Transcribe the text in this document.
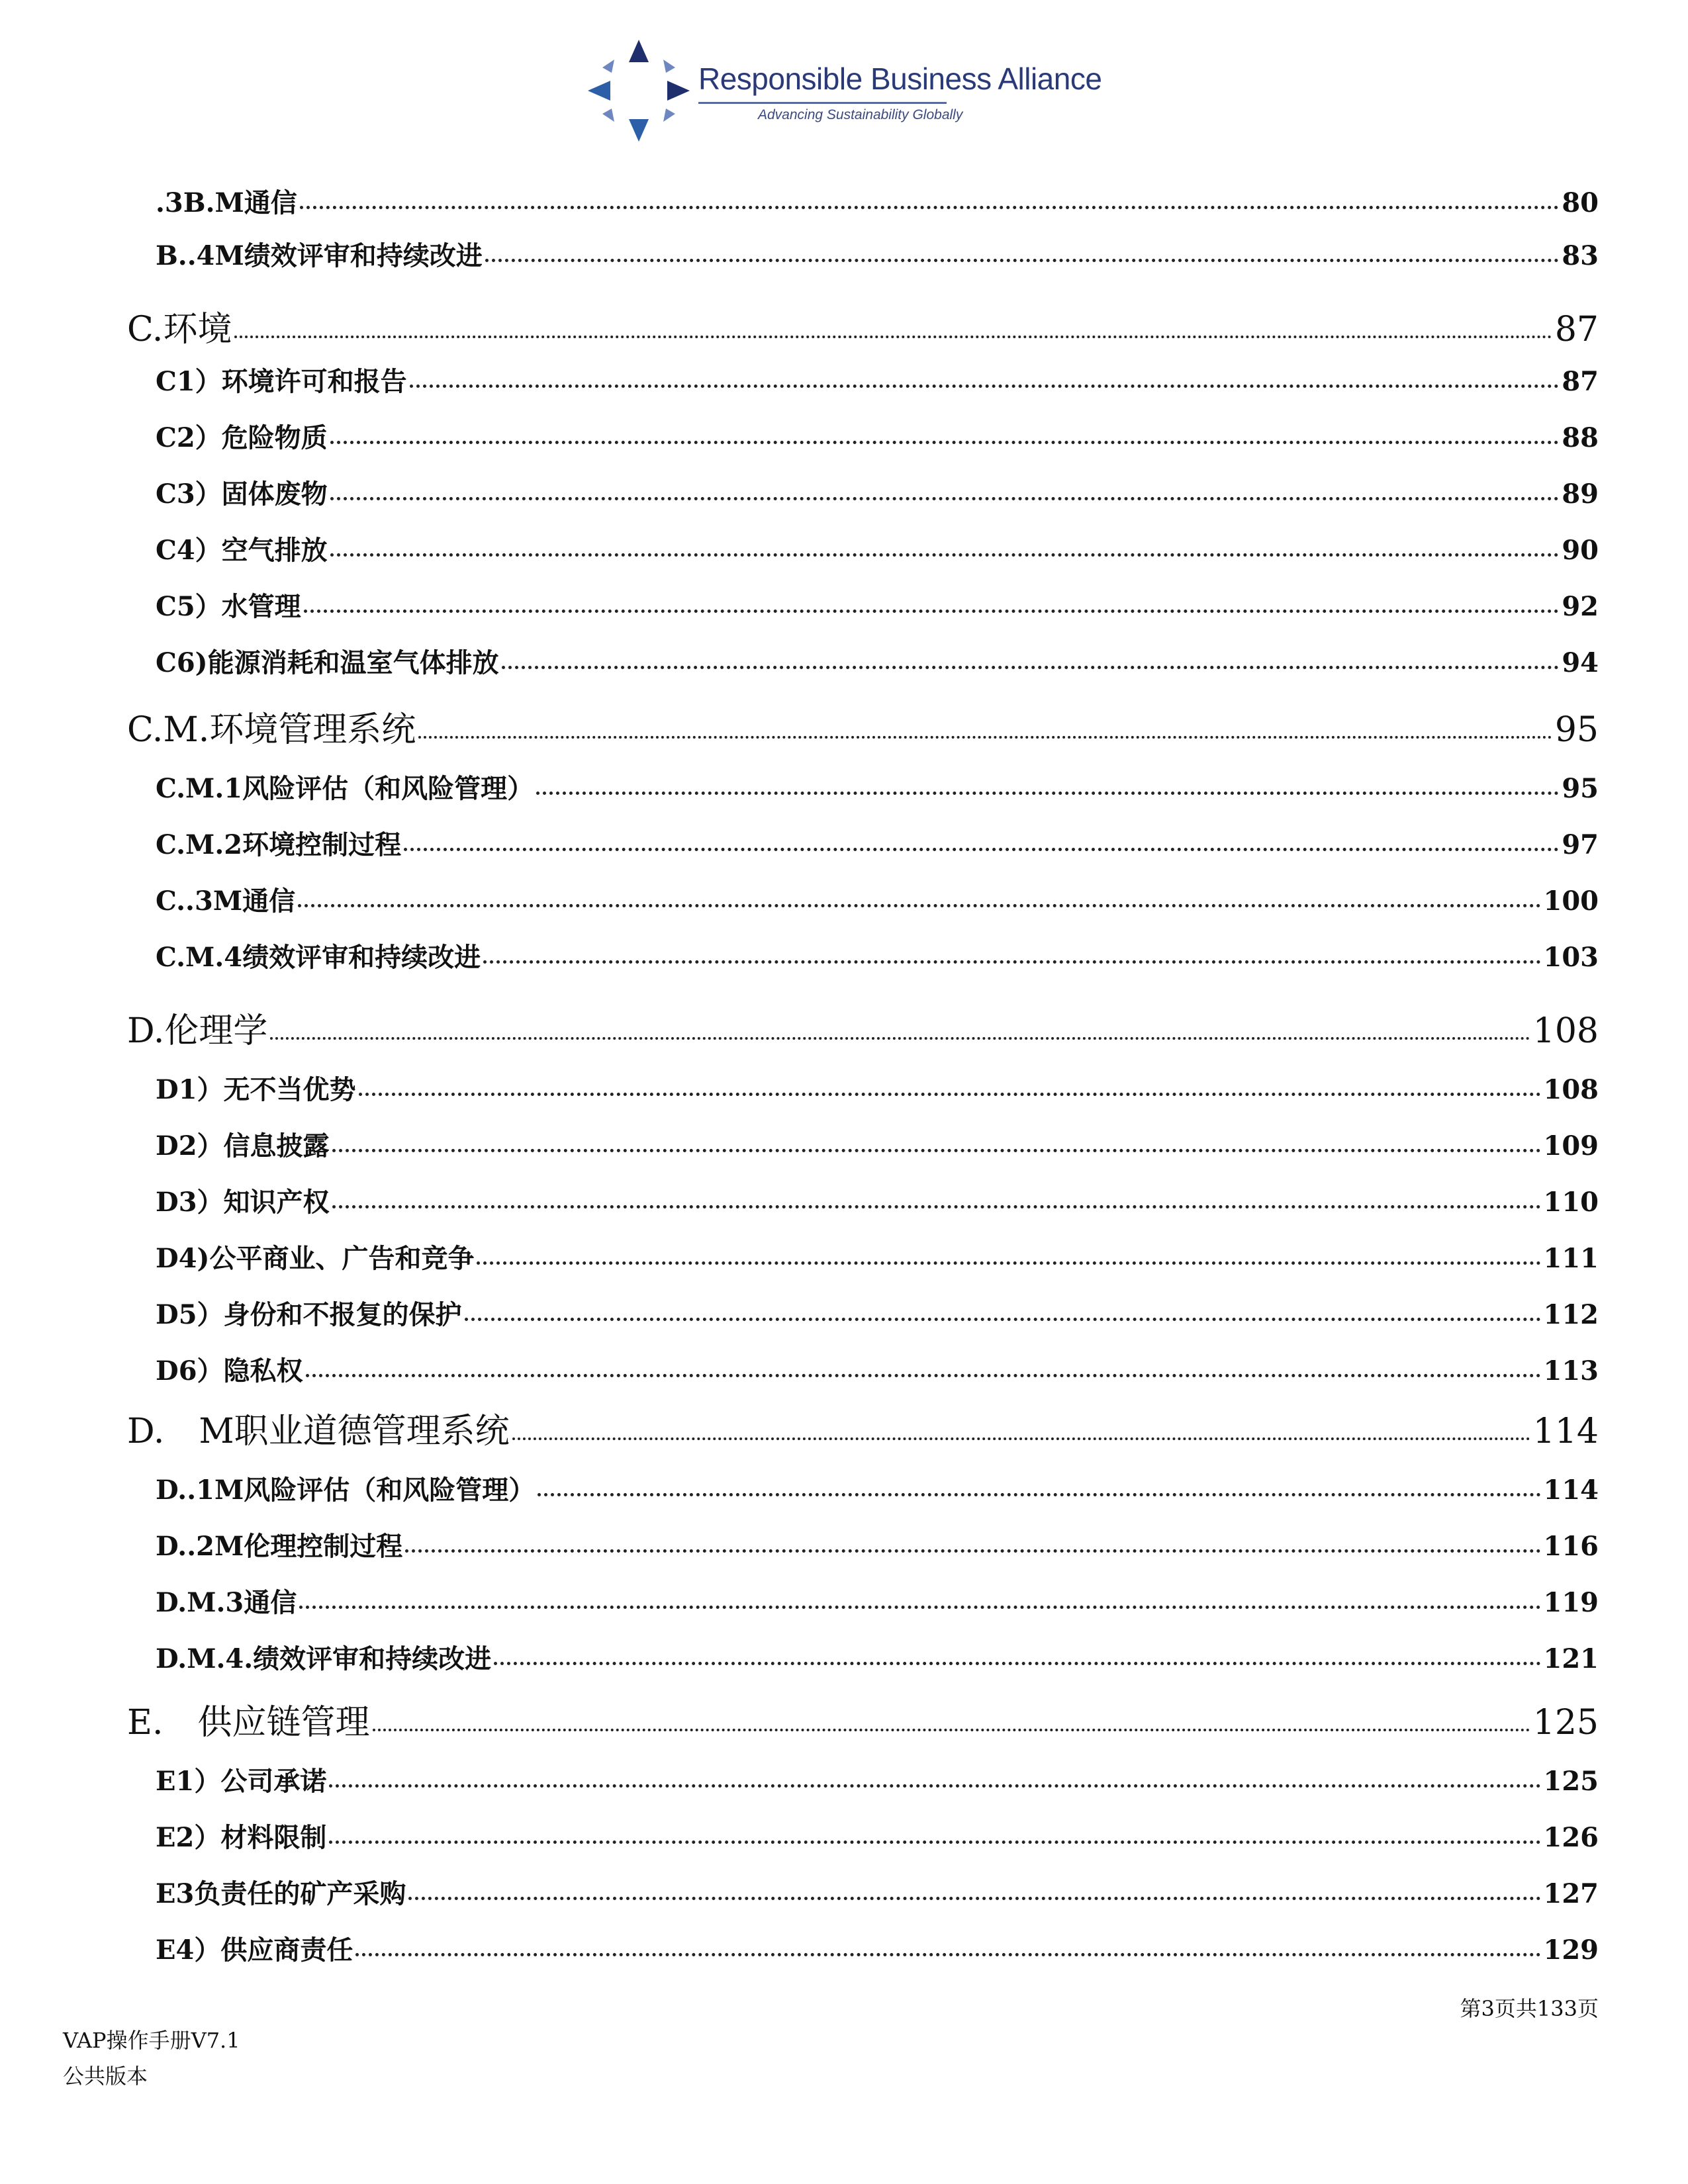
Responsible Business Alliance
Advancing Sustainability Globally
.3B.M通信	80
B..4M绩效评审和持续改进	83
C.环境	87
C1）环境许可和报告	87
C2）危险物质	88
C3）固体废物	89
C4）空气排放	90
C5）水管理	92
C6)能源消耗和温室气体排放	94
C.M.环境管理系统	95
C.M.1风险评估（和风险管理）	95
C.M.2环境控制过程	97
C..3M通信	100
C.M.4绩效评审和持续改进	103
D.伦理学	108
D1）无不当优势	108
D2）信息披露	109
D3）知识产权	110
D4)公平商业、广告和竞争	111
D5）身份和不报复的保护	112
D6）隐私权	113
D.　M职业道德管理系统	114
D..1M风险评估（和风险管理）	114
D..2M伦理控制过程	116
D.M.3通信	119
D.M.4.绩效评审和持续改进	121
E.　供应链管理	125
E1）公司承诺	125
E2）材料限制	126
E3负责任的矿产采购	127
E4）供应商责任	129
第3页共133页
VAP操作手册V7.1
公共版本
